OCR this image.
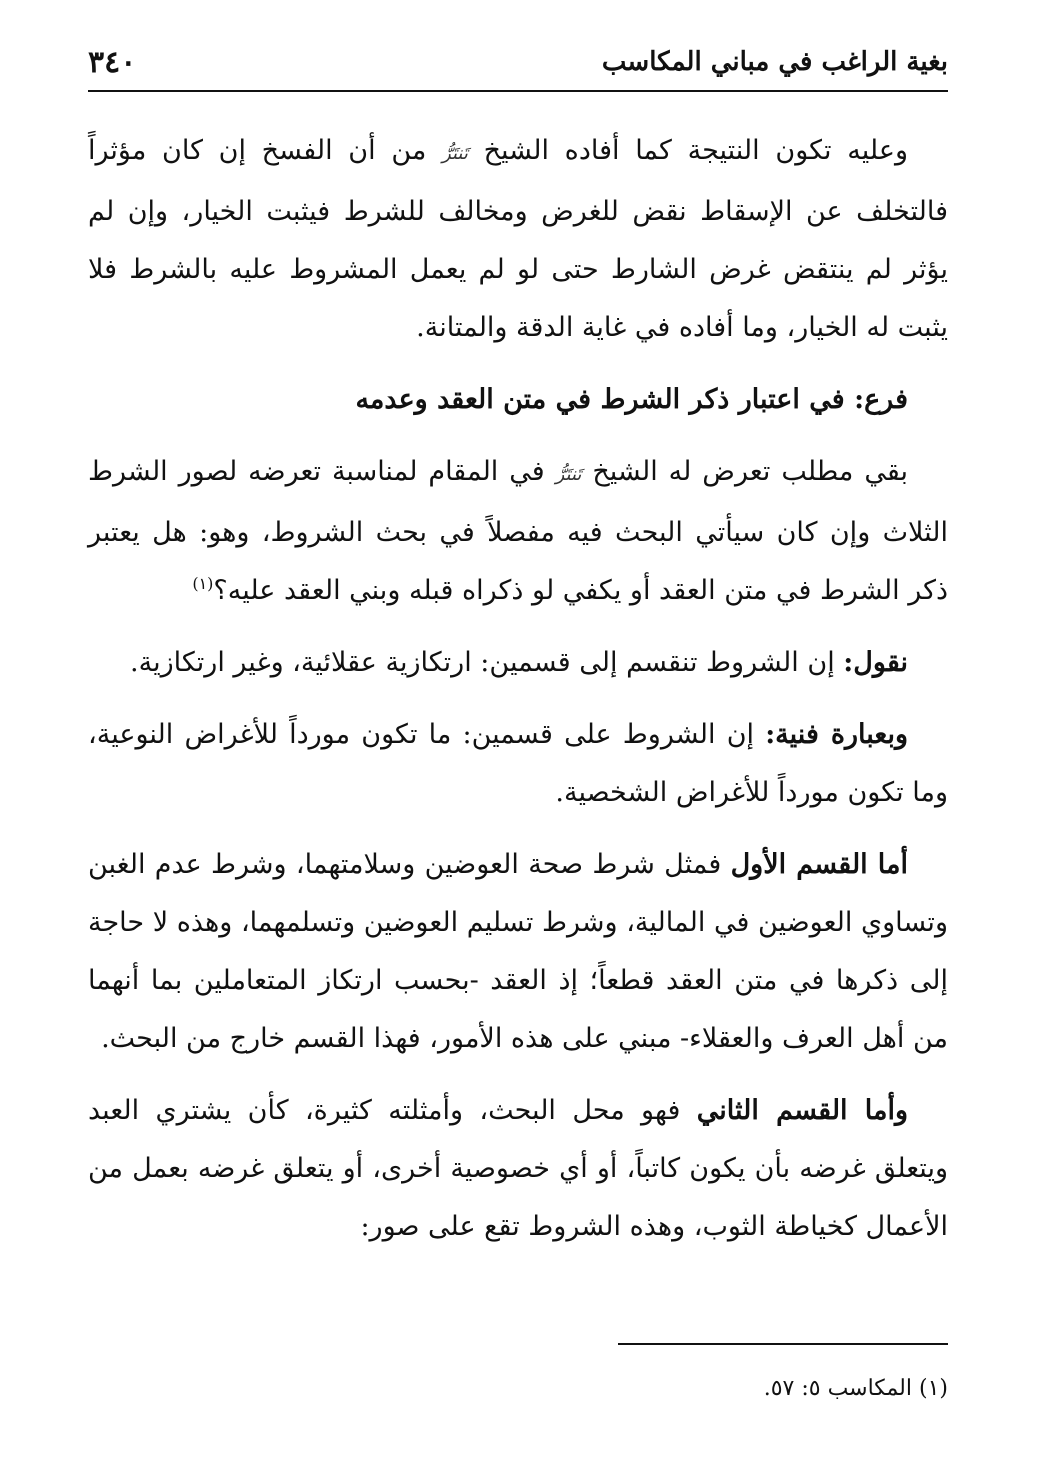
بغية الراغب في مباني المكاسب
٣٤٠

وعليه تكون النتيجة كما أفاده الشيخ تَنتَرُّ من أن الفسخ إن كان مؤثراً فالتخلف عن الإسقاط نقض للغرض ومخالف للشرط فيثبت الخيار، وإن لم يؤثر لم ينتقض غرض الشارط حتى لو لم يعمل المشروط عليه بالشرط فلا يثبت له الخيار، وما أفاده في غاية الدقة والمتانة.

فرع: في اعتبار ذكر الشرط في متن العقد وعدمه

بقي مطلب تعرض له الشيخ تَنتَرُّ في المقام لمناسبة تعرضه لصور الشرط الثلاث وإن كان سيأتي البحث فيه مفصلاً في بحث الشروط، وهو: هل يعتبر ذكر الشرط في متن العقد أو يكفي لو ذكراه قبله وبني العقد عليه؟$^{(١)}$

نقول: إن الشروط تنقسم إلى قسمين: ارتكازية عقلائية، وغير ارتكازية.

وبعبارة فنية: إن الشروط على قسمين: ما تكون مورداً للأغراض النوعية، وما تكون مورداً للأغراض الشخصية.

أما القسم الأول فمثل شرط صحة العوضين وسلامتهما، وشرط عدم الغبن وتساوي العوضين في المالية، وشرط تسليم العوضين وتسلمهما، وهذه لا حاجة إلى ذكرها في متن العقد قطعاً؛ إذ العقد -بحسب ارتكاز المتعاملين بما أنهما من أهل العرف والعقلاء- مبني على هذه الأمور، فهذا القسم خارج من البحث.

وأما القسم الثاني فهو محل البحث، وأمثلته كثيرة، كأن يشتري العبد ويتعلق غرضه بأن يكون كاتباً، أو أي خصوصية أخرى، أو يتعلق غرضه بعمل من الأعمال كخياطة الثوب، وهذه الشروط تقع على صور:

(١) المكاسب ٥: ٥٧.
